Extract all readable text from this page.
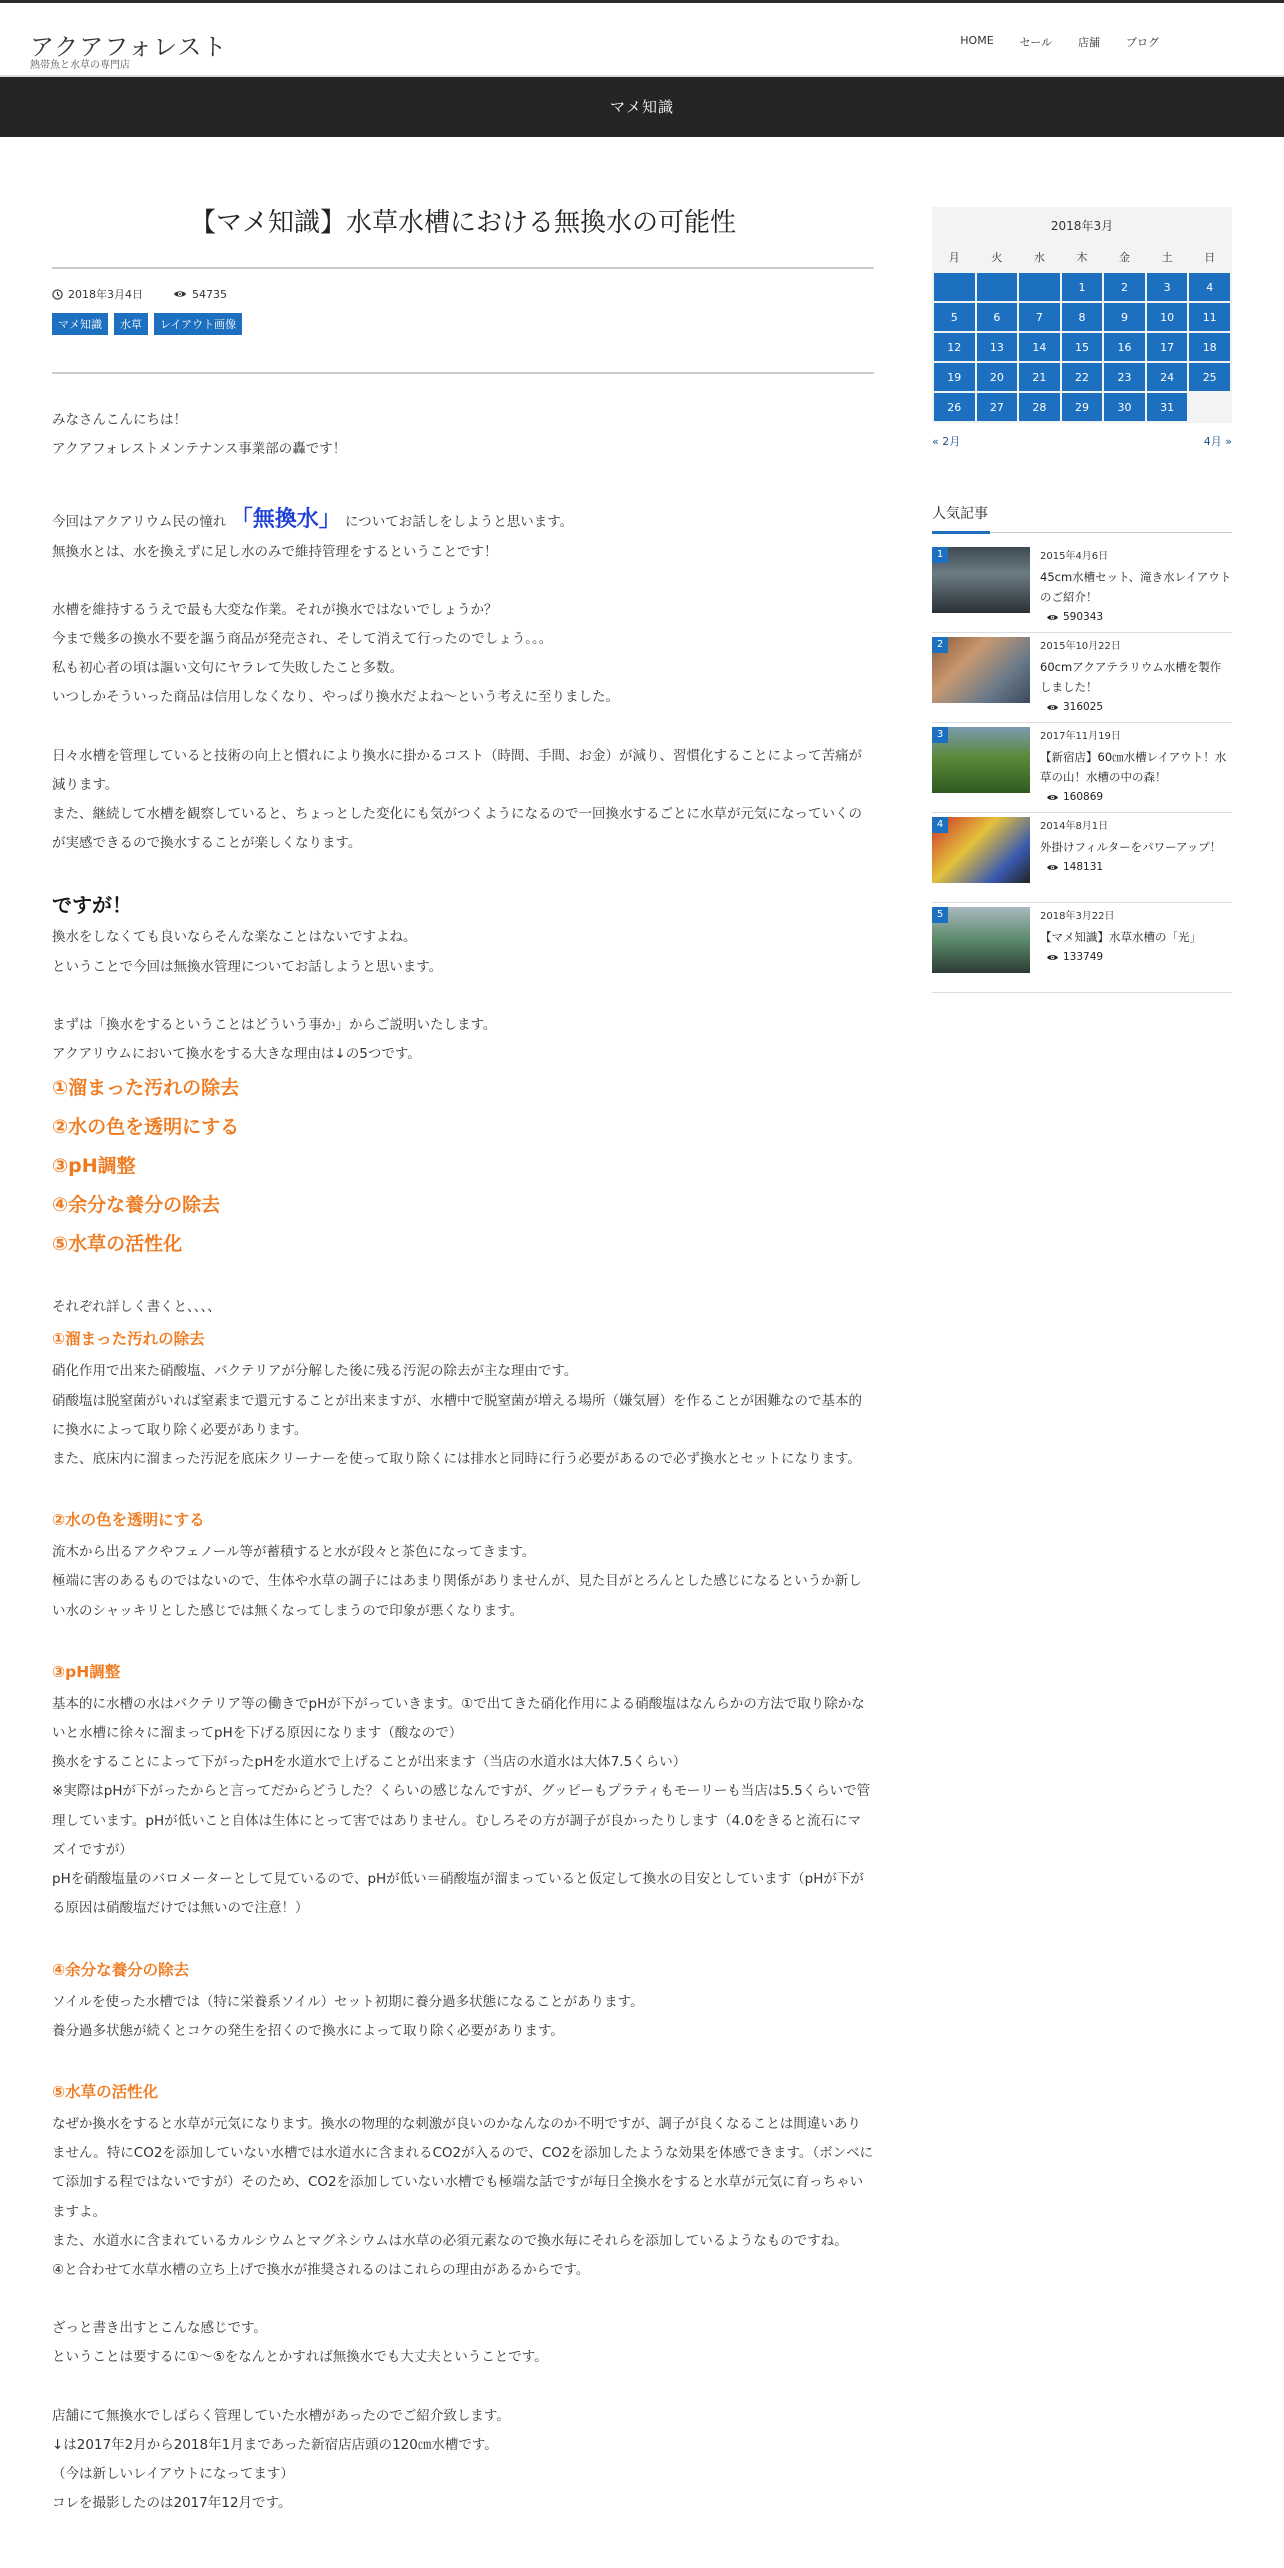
アクアフォレスト
熱帯魚と水草の専門店
HOME セール 店舗 ブログ
マメ知識
【マメ知識】水草水槽における無換水の可能性
2018年3月4日	54735
マメ知識	水草	レイアウト画像

みなさんこんにちは！

アクアフォレストメンテナンス事業部の轟です！

今回はアクアリウム民の憧れ 「無換水」 についてお話しをしようと思います。

無換水とは、水を換えずに足し水のみで維持管理をするということです！

水槽を維持するうえで最も大変な作業。それが換水ではないでしょうか？

今まで幾多の換水不要を謳う商品が発売され、そして消えて行ったのでしょう。。。

私も初心者の頃は謳い文句にヤラレて失敗したこと多数。

いつしかそういった商品は信用しなくなり、やっぱり換水だよね～という考えに至りました。

日々水槽を管理していると技術の向上と慣れにより換水に掛かるコスト（時間、手間、お金）が減り、習慣化することによって苦痛が減ります。

また、継続して水槽を観察していると、ちょっとした変化にも気がつくようになるので一回換水するごとに水草が元気になっていくのが実感できるので換水することが楽しくなります。

ですが！

換水をしなくても良いならそんな楽なことはないですよね。

ということで今回は無換水管理についてお話しようと思います。

まずは「換水をするということはどういう事か」からご説明いたします。

アクアリウムにおいて換水をする大きな理由は↓の5つです。

①溜まった汚れの除去

②水の色を透明にする

③pH調整

④余分な養分の除去

⑤水草の活性化

それぞれ詳しく書くと、、、、

①溜まった汚れの除去

硝化作用で出来た硝酸塩、バクテリアが分解した後に残る汚泥の除去が主な理由です。

硝酸塩は脱窒菌がいれば窒素まで還元することが出来ますが、水槽中で脱窒菌が増える場所（嫌気層）を作ることが困難なので基本的に換水によって取り除く必要があります。

また、底床内に溜まった汚泥を底床クリーナーを使って取り除くには排水と同時に行う必要があるので必ず換水とセットになります。

②水の色を透明にする

流木から出るアクやフェノール等が蓄積すると水が段々と茶色になってきます。

極端に害のあるものではないので、生体や水草の調子にはあまり関係がありませんが、見た目がとろんとした感じになるというか新しい水のシャッキリとした感じでは無くなってしまうので印象が悪くなります。

③pH調整

基本的に水槽の水はバクテリア等の働きでpHが下がっていきます。①で出てきた硝化作用による硝酸塩はなんらかの方法で取り除かないと水槽に徐々に溜まってpHを下げる原因になります（酸なので）

換水をすることによって下がったpHを水道水で上げることが出来ます（当店の水道水は大体7.5くらい）

※実際はpHが下がったからと言ってだからどうした？くらいの感じなんですが、グッピーもプラティもモーリーも当店は5.5くらいで管理しています。pHが低いこと自体は生体にとって害ではありません。むしろその方が調子が良かったりします（4.0をきると流石にマズイですが）

pHを硝酸塩量のバロメーターとして見ているので、pHが低い＝硝酸塩が溜まっていると仮定して換水の目安としています（pHが下がる原因は硝酸塩だけでは無いので注意！）

④余分な養分の除去

ソイルを使った水槽では（特に栄養系ソイル）セット初期に養分過多状態になることがあります。

養分過多状態が続くとコケの発生を招くので換水によって取り除く必要があります。

⑤水草の活性化

なぜか換水をすると水草が元気になります。換水の物理的な刺激が良いのかなんなのか不明ですが、調子が良くなることは間違いありません。特にCO2を添加していない水槽では水道水に含まれるCO2が入るので、CO2を添加したような効果を体感できます。（ボンベにて添加する程ではないですが）そのため、CO2を添加していない水槽でも極端な話ですが毎日全換水をすると水草が元気に育っちゃいますよ。

また、水道水に含まれているカルシウムとマグネシウムは水草の必須元素なので換水毎にそれらを添加しているようなものですね。

④と合わせて水草水槽の立ち上げで換水が推奨されるのはこれらの理由があるからです。

ざっと書き出すとこんな感じです。

ということは要するに①～⑤をなんとかすれば無換水でも大丈夫ということです。

店舗にて無換水でしばらく管理していた水槽があったのでご紹介致します。

↓は2017年2月から2018年1月まであった新宿店店頭の120㎝水槽です。

（今は新しいレイアウトになってます）

コレを撮影したのは2017年12月です。

2018年3月
月	火	水	木	金	土	日
			1	2	3	4
5	6	7	8	9	10	11
12	13	14	15	16	17	18
19	20	21	22	23	24	25
26	27	28	29	30	31	
« 2月	4月 »
人気記事
1	2015年4月6日
45cm水槽セット、滝き水レイアウトのご紹介！
590343
2	2015年10月22日
60cmアクアテラリウム水槽を製作しました！
316025
3	2017年11月19日
【新宿店】60㎝水槽レイアウト！水草の山！水槽の中の森！
160869
4	2014年8月1日
外掛けフィルターをパワーアップ！
148131
5	2018年3月22日
【マメ知識】水草水槽の「光」
133749
